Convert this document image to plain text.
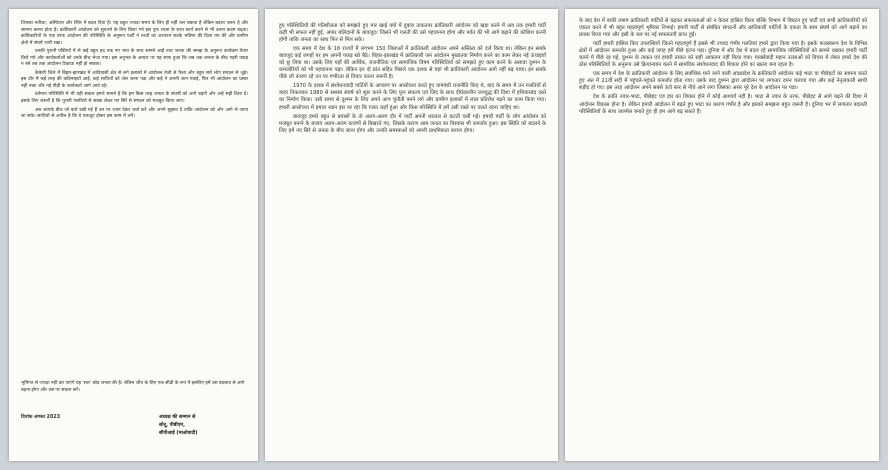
जिनका नतीजा, अस्थिरता और स्थिर में बदल दिया है। यह बहुत ज्यादा समय के लिए ही नहीं चल सकता है लेकिन बदला जरूर है और सामना करना होता है। क्रांतिकारी आंदोलन को सुधारने के लिए किया गये इस पुनः रचना के साथ कार्य करने से भी उतना कदम बढ़ता। क्रांतिकारियों के एक तरफ आंदोलन की परिस्थिति के अनुरूप पार्टी ने तथ्यों का अध्ययन करके भविष्य की दिशा तय की और ग्रामीण क्षेत्रों में संघर्ष जारी रखा।

उनकी पुरानी पंक्तियों में से कई बहुत हद तक नए भाव के साथ सामने आईं तथा जनता की समझ के अनुरूप कार्यक्रम तैयार किये गये और कार्यकर्ताओं को उनके बीच भेजा गया। इस अनुभव के आधार पर यह साफ हुआ कि जब तक जनता के बीच गहरी पकड़ न बने तब तक आंदोलन टिकाऊ नहीं हो सकता।

कैकेयी जिले में बिहार-झारखंड में आदिवासी क्षेत्र से लगे इलाकों में आंदोलन तेजी से फैला और बहुत सारे लोग संगठन से जुड़े। इस दौर में कई तरह की कठिनाइयाँ आईं, कई साथियों को जेल जाना पड़ा और कई ने अपनी जान गंवाई, फिर भी आंदोलन का प्रसार नहीं रुका और नई पीढ़ी के कार्यकर्ता आगे आते रहे।

वर्तमान परिस्थिति में भी यही सवाल हमारे सामने है कि हम किस तरह जनता के संघर्षों को आगे बढ़ाएँ और उन्हें सही दिशा दें। इसके लिए जरूरी है कि पुरानी गलतियों से सबक लेकर नए सिरे से संगठन को मजबूत किया जाए।

अब आपके बीच जो बातें रखी गई हैं उन पर ध्यान देकर चर्चा करें और अपने सुझाव दें ताकि आंदोलन को और आगे ले जाया जा सके। साथियों से अपील है कि वे एकजुट होकर इस काम में लगें।

भूमिगत से ज्यादा नहीं कर पाएंगे यह 'सार' छोड़ जनता की है। लेकिन जीत के लिए एक सीढ़ी के रूप में इसलिए हमें उस बदलाव से आगे बढ़ना होगा और उस पर सवाल करें।

दिनांक अगस्त 2023	अध्यक्ष की सम्मान से
सोनू, पीबीएम,
सीपीआई (माओवादी)

हुए परिस्थितियों की गतिशीलता को समझते हुए मार खाई क्यों में दुबारा ताकतवर क्रांतिकारी आंदोलन को खड़ा करने में अब तक हमारी पार्टी कहीं भी सफल नहीं हुई, अपार बलिदानों के बावजूद। जिसने भी गलती की उसे पहचानना होगा और पर्वत की भी आगे बढ़ाने की कोशिश करनी होगी ताकि जनता का साथ फिर से मिल सके।

एक समय में देश के 16 राज्यों में लगभग 150 जिलाओं में क्रांतिकारी आंदोलन अपने अस्तित्व को दर्ज किया था। लेकिन इन सबके बावजूद कई जगहों पर हम अपनी पकड़ खो बैठे। बिहार-झारखंड में क्रांतिकारी जन आंदोलन मुख्यतया निर्माण करने का काम लेकर नई ऊंचाइयों को छू लिया था। उसके लिए यहाँ की आर्थिक, राजनीतिक एवं सामाजिक विषम परिस्थितियों को समझते हुए काम करने के अलावा दुश्मन के कमजोरियों को भी पहचानना पड़ा। लेकिन इन दो प्रांत सहित पिछले एक दशक से यहां भी क्रांतिकारी आंदोलन आगे नहीं बढ़ पाया। इन सबके पीछे जो कारण रहे उन पर गंभीरता से विचार करना जरूरी है।

1970 के दशक में संशोधनवादी पार्टियों के आचरण पर आलोचना करते हुए वामपंथी राजनीति किए थे, बाद के समय में उन गलतियों से बाहर निकलकर 1980 से सशस्त्र संघर्ष को शुरू करने के लिए पुनः संकल्प एवं जिद के साथ दीर्घकालीन जनयुद्ध की दिशा में हथियारबंद दस्ते का निर्माण किया। उसी समय से दुश्मन के लिए अपने आप चुनौती बनने लगे और ग्रामीण इलाकों में लाल प्रतिरोध गढ़ने का काम किया गया। हमारी आलोचना में हमारा ध्यान इस पर रहा कि गलत कहाँ हुआ और किस परिस्थिति में हमें उसी रास्ते पर चलते रहना चाहिए था।

बावजूद हमारे बहुत से प्रयासों के तो अलग-अलग दौर में पार्टी अपनी धरातल से कटती चली गई। हमारी पार्टी के लोग आंदोलन को मजबूत बनाने के बजाय अलग-अलग कारणों से बिखरते गए, जिसके कारण आम जनता का विश्वास भी कमजोर हुआ। इस स्थिति को बदलने के लिए हमें नए सिरे से जनता के बीच जाना होगा और उनकी समस्याओं को अपनी प्राथमिकता बनाना होगा।

के बाद देश में बाकी तमाम क्रांतिकारी पार्टियों से बढ़कर सफलताओं को न केवल हासिल किया बल्कि विभाग में विघटन हुए पार्टी एवं सभी क्रांतिकारियों को एकता करने में भी बहुत महत्वपूर्ण भूमिका निभाई। हमारी पार्टी से संबंधित संगठनों और क्रांतिकारी पार्टियों के एकता के साथ संघर्ष को आगे बढ़ाने का प्रयास किया गया और इसी के बल पर नई सफलताएँ प्राप्त हुईं।

पार्टी हमारी हासिल किए उपलब्धियों जितने महत्वपूर्ण हैं इससे भी ज्यादा गंभीर गलतियां हमारे द्वारा किया गया है। इसके फलस्वरूप देश के विभिन्न क्षेत्रों में आंदोलन कमजोर हुआ और कई जगह हमें पीछे हटना पड़ा। दुनिया में और देश में बदल रहे सामाजिक परिस्थितियों को सामने रखकर हमारी पार्टी चलने में पीछे रह गई, दुश्मन के ताकत एवं हमारी ताकत को सही आकलन नहीं किया गया। मार्क्सवादी महान उत्तराओं को विचार में लेकर हमारे देश की ठोस परिस्थितियों के अनुरूप उसे क्रियान्वयन करने में सामयिक संशोधनवाद की शिकार होने का खतरा बना रहता है।

एक समय में देश के क्रांतिकारी आंदोलन के लिए सर्वाधिक माने जाने वाली आंध्रप्रदेश के क्रांतिकारी आंदोलन कई भाटा या पीछेहटों का सामना करते हुए अंत में 21वीं सदी में पहुंचते-पहुंचते कमजोर होता गया। उसके बाद दुश्मन द्वारा आंदोलन पर लगातार दमन चलाया गया और कई नेतृत्वकारी साथी शहीद हो गए। इस तरह आंदोलन अपने सबसे ऊंचे स्तर से नीचे आने लगा जिसका असर पूरे देश के आंदोलन पर पड़ा।

देश के क्रांति ज्वार-भाटा, पीछेहट एवं हार का शिकार होने में कोई आश्चर्य नहीं है। भाटा से ज्वार के तरफ, पीछेहट से आगे बढ़ने की दिशा में आंदोलन विकास होना है। लेकिन हमारी आंदोलन में बढ़ते हुए भाटा का कारण गंभीर है और इसको समझना बहुत जरूरी है। दुनिया भर में लगातार बदलती परिस्थितियों के साथ तालमेल बनाते हुए ही हम आगे बढ़ सकते हैं।
